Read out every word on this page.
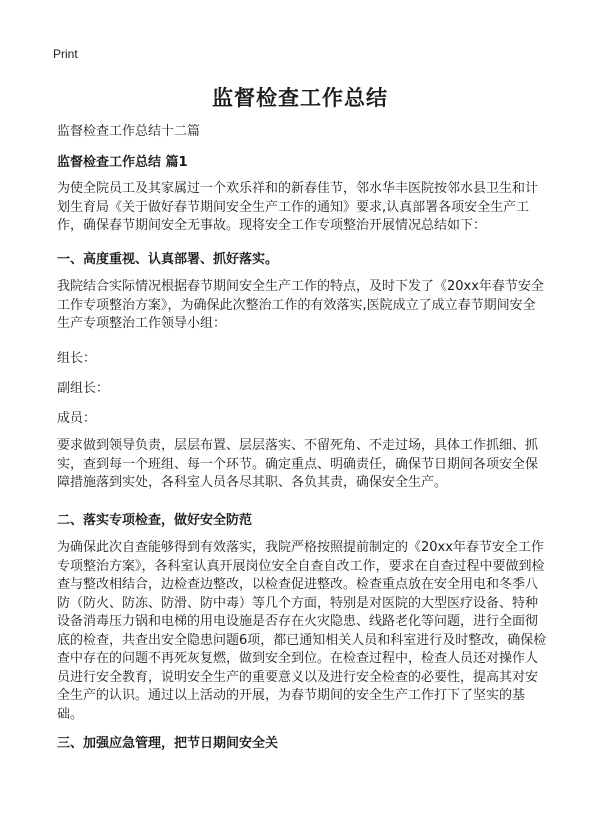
Print
监督检查工作总结
监督检查工作总结十二篇
监督检查工作总结 篇1

为使全院员工及其家属过一个欢乐祥和的新春佳节，邻水华丰医院按邻水县卫生和计划生育局《关于做好春节期间安全生产工作的通知》要求,认真部署各项安全生产工作，确保春节期间安全无事故。现将安全工作专项整治开展情况总结如下：

一、高度重视、认真部署、抓好落实。

我院结合实际情况根据春节期间安全生产工作的特点，及时下发了《20xx年春节安全工作专项整治方案》，为确保此次整治工作的有效落实,医院成立了成立春节期间安全生产专项整治工作领导小组：

组长：
副组长：
成员：

要求做到领导负责，层层布置、层层落实、不留死角、不走过场，具体工作抓细、抓实，查到每一个班组、每一个环节。确定重点、明确责任，确保节日期间各项安全保障措施落到实处，各科室人员各尽其职、各负其责，确保安全生产。

二、落实专项检查，做好安全防范

为确保此次自查能够得到有效落实，我院严格按照提前制定的《20xx年春节安全工作专项整治方案》，各科室认真开展岗位安全自查自改工作，要求在自查过程中要做到检查与整改相结合，边检查边整改，以检查促进整改。检查重点放在安全用电和冬季八防（防火、防冻、防滑、防中毒）等几个方面，特别是对医院的大型医疗设备、特种设备消毒压力锅和电梯的用电设施是否存在火灾隐患、线路老化等问题，进行全面彻底的检查，共查出安全隐患问题6项，都已通知相关人员和科室进行及时整改，确保检查中存在的问题不再死灰复燃，做到安全到位。在检查过程中，检查人员还对操作人员进行安全教育，说明安全生产的重要意义以及进行安全检查的必要性，提高其对安全生产的认识。通过以上活动的开展，为春节期间的安全生产工作打下了坚实的基础。

三、加强应急管理，把节日期间安全关
